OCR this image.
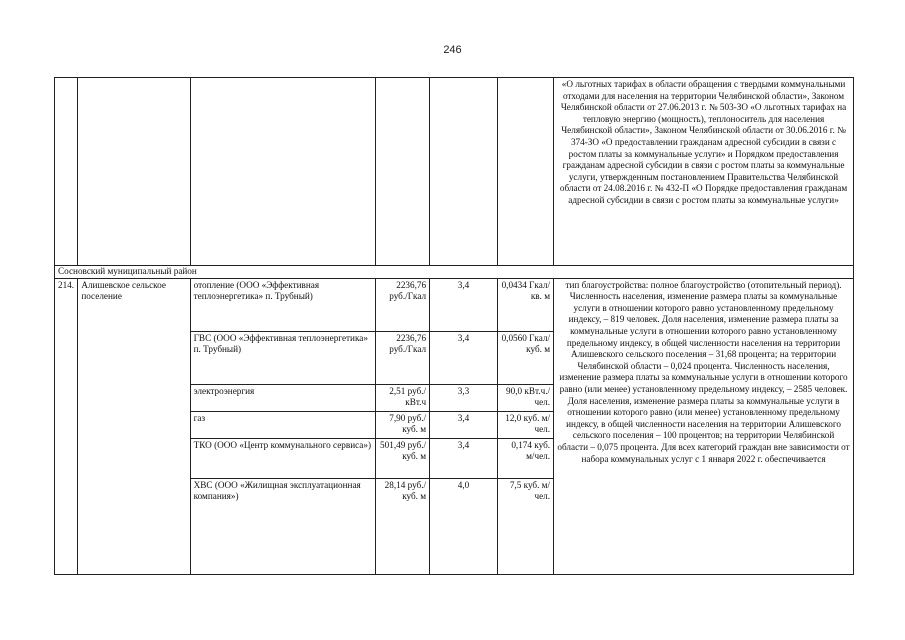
246
						«О льготных тарифах в области обращения с твердыми коммунальными отходами для населения на территории Челябинской области», Законом Челябинской области от 27.06.2013 г. № 503-ЗО «О льготных тарифах на тепловую энергию (мощность), теплоноситель для населения Челябинской области», Законом Челябинской области от 30.06.2016 г. № 374-ЗО «О предоставлении гражданам адресной субсидии в связи с ростом платы за коммунальные услуги» и Порядком предоставления гражданам адресной субсидии в связи с ростом платы за коммунальные услуги, утвержденным постановлением Правительства Челябинской области от 24.08.2016 г. № 432-П «О Порядке предоставления гражданам адресной субсидии в связи с ростом платы за коммунальные услуги»
Сосновский муниципальный район						
214.	Алишевское сельское поселение	отопление (ООО «Эффективная теплоэнергетика» п. Трубный)	2236,76 руб./Гкал	3,4	0,0434 Гкал/кв. м	тип благоустройства: полное благоустройство (отопительный период). Численность населения, изменение размера платы за коммунальные услуги в отношении которого равно установленному предельному индексу, – 819 человек. Доля населения, изменение размера платы за коммунальные услуги в отношении которого равно установленному предельному индексу, в общей численности населения на территории Алишевского сельского поселения – 31,68 процента; на территории Челябинской области – 0,024 процента. Численность населения, изменение размера платы за коммунальные услуги в отношении которого равно (или менее) установленному предельному индексу, – 2585 человек. Доля населения, изменение размера платы за коммунальные услуги в отношении которого равно (или менее) установленному предельному индексу, в общей численности населения на территории Алишевского сельского поселения – 100 процентов; на территории Челябинской области – 0,075 процента. Для всех категорий граждан вне зависимости от набора коммунальных услуг с 1 января 2022 г. обеспечивается
		ГВС (ООО «Эффективная теплоэнергетика» п. Трубный)	2236,76 руб./Гкал	3,4	0,0560 Гкал/куб. м	
		электроэнергия	2,51 руб./кВт.ч	3,3	90,0 кВт.ч./чел.	
		газ	7,90 руб./куб. м	3,4	12,0 куб. м/чел.	
		ТКО (ООО «Центр коммунального сервиса»)	501,49 руб./куб. м	3,4	0,174 куб. м/чел.	
		ХВС (ООО «Жилищная эксплуатационная компания»)	28,14 руб./куб. м	4,0	7,5 куб. м/чел.	
